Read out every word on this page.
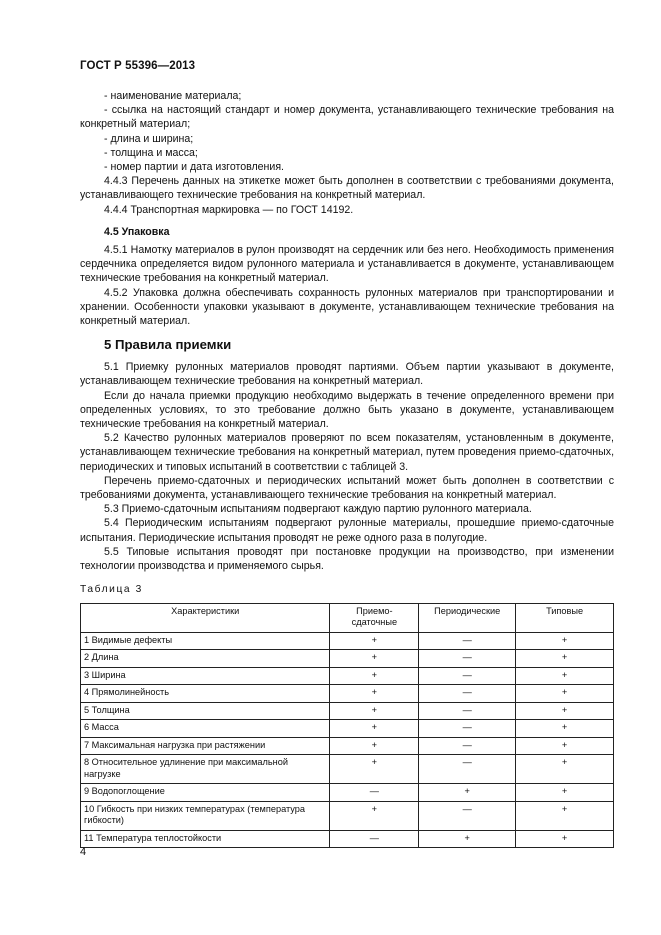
ГОСТ Р 55396—2013

- наименование материала;

- ссылка на настоящий стандарт и номер документа, устанавливающего технические требования на конкретный материал;

- длина и ширина;

- толщина и масса;

- номер партии и дата изготовления.

4.4.3 Перечень данных на этикетке может быть дополнен в соответствии с требованиями документа, устанавливающего технические требования на конкретный материал.

4.4.4 Транспортная маркировка — по ГОСТ 14192.

4.5 Упаковка

4.5.1 Намотку материалов в рулон производят на сердечник или без него. Необходимость применения сердечника определяется видом рулонного материала и устанавливается в документе, устанавливающем технические требования на конкретный материал.

4.5.2 Упаковка должна обеспечивать сохранность рулонных материалов при транспортировании и хранении. Особенности упаковки указывают в документе, устанавливающем технические требования на конкретный материал.

5 Правила приемки

5.1 Приемку рулонных материалов проводят партиями. Объем партии указывают в документе, устанавливающем технические требования на конкретный материал.

Если до начала приемки продукцию необходимо выдержать в течение определенного времени при определенных условиях, то это требование должно быть указано в документе, устанавливающем технические требования на конкретный материал.

5.2 Качество рулонных материалов проверяют по всем показателям, установленным в документе, устанавливающем технические требования на конкретный материал, путем проведения приемо-сдаточных, периодических и типовых испытаний в соответствии с таблицей 3.

Перечень приемо-сдаточных и периодических испытаний может быть дополнен в соответствии с требованиями документа, устанавливающего технические требования на конкретный материал.

5.3 Приемо-сдаточным испытаниям подвергают каждую партию рулонного материала.

5.4 Периодическим испытаниям подвергают рулонные материалы, прошедшие приемо-сдаточные испытания. Периодические испытания проводят не реже одного раза в полугодие.

5.5 Типовые испытания проводят при постановке продукции на производство, при изменении технологии производства и применяемого сырья.

Таблица 3
Характеристики	Приемо-сдаточные	Периодические	Типовые
1 Видимые дефекты	+	—	+
2 Длина	+	—	+
3 Ширина	+	—	+
4 Прямолинейность	+	—	+
5 Толщина	+	—	+
6 Масса	+	—	+
7 Максимальная нагрузка при растяжении	+	—	+
8 Относительное удлинение при максимальной нагрузке	+	—	+
9 Водопоглощение	—	+	+
10 Гибкость при низких температурах (температура гибкости)	+	—	+
11 Температура теплостойкости	—	+	+
4
